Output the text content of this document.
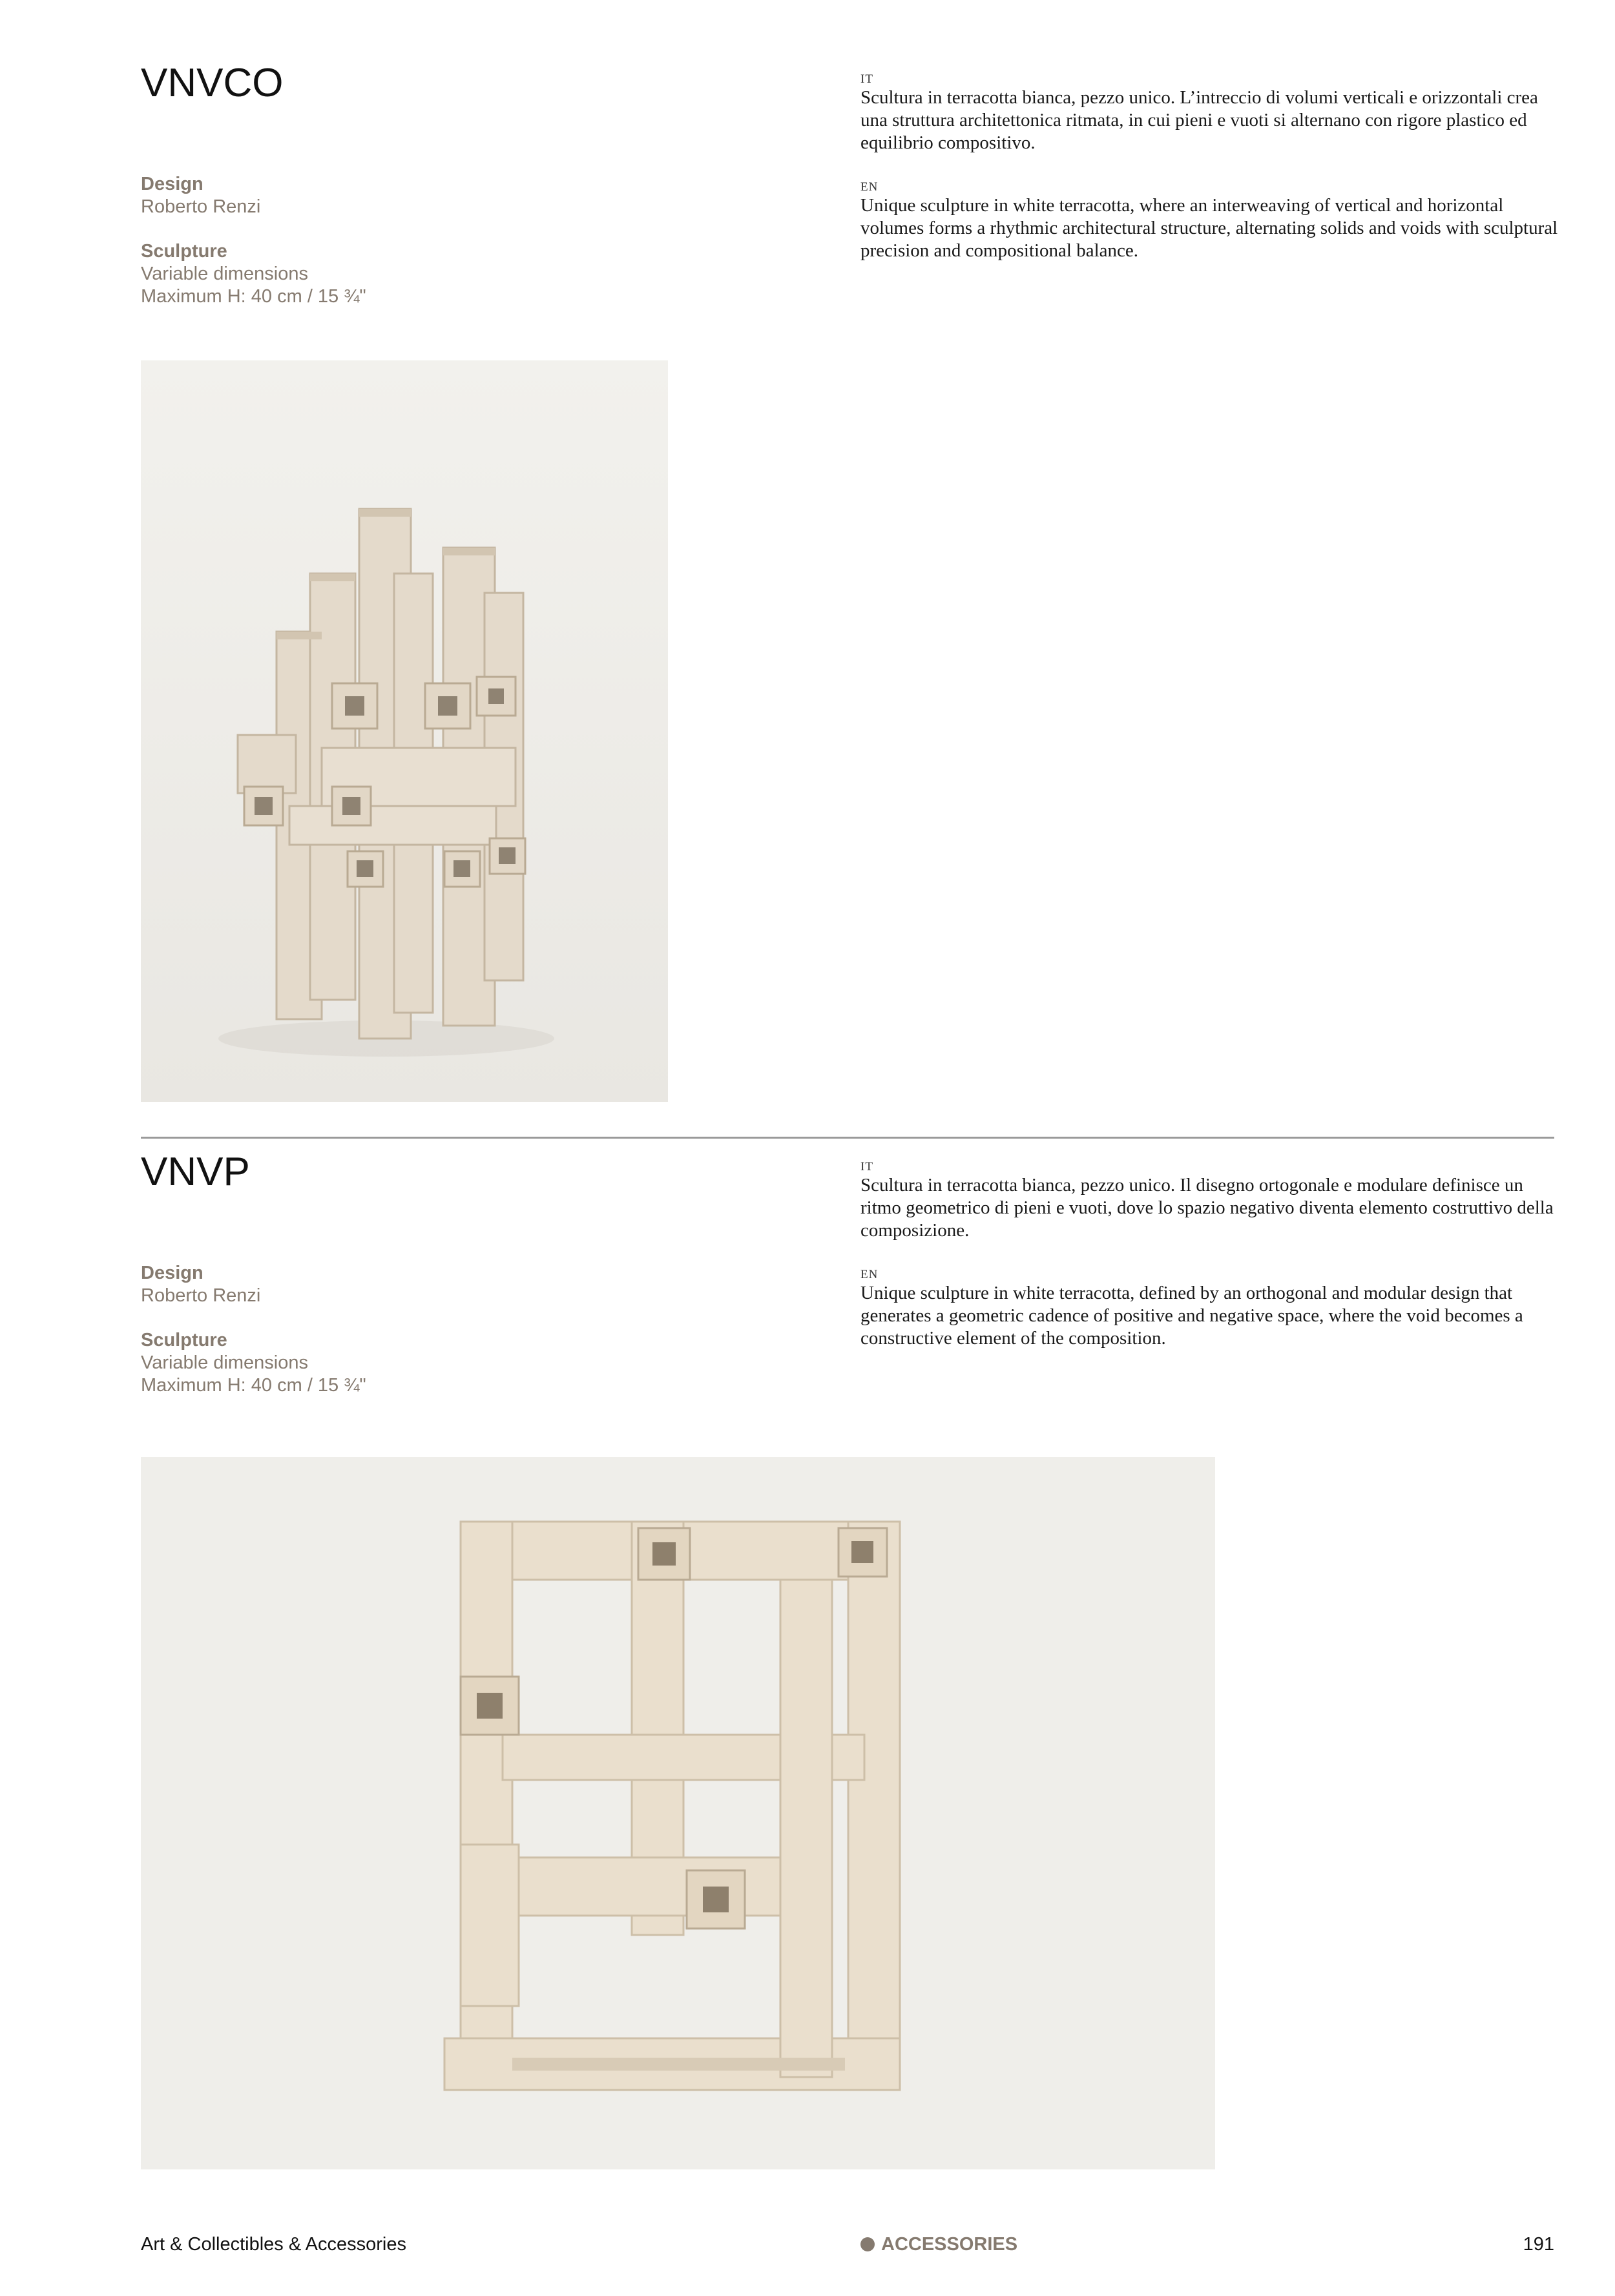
VNVCO
Design
Roberto Renzi
Sculpture
Variable dimensions
Maximum H: 40 cm / 15 ¾"
IT

Scultura in terracotta bianca, pezzo unico. L’intreccio di volumi verticali e orizzontali crea una struttura architettonica ritmata, in cui pieni e vuoti si alternano con rigore plastico ed equilibrio compositivo.

EN

Unique sculpture in white terracotta, where an interweaving of vertical and horizontal volumes forms a rhythmic architectural structure, alternating solids and voids with sculptural precision and compositional balance.

VNVP
Design
Roberto Renzi
Sculpture
Variable dimensions
Maximum H: 40 cm / 15 ¾"
IT

Scultura in terracotta bianca, pezzo unico. Il disegno ortogonale e modulare definisce un ritmo geometrico di pieni e vuoti, dove lo spazio negativo diventa elemento costruttivo della composizione.

EN

Unique sculpture in white terracotta, defined by an orthogonal and modular design that generates a geometric cadence of positive and negative space, where the void becomes a constructive element of the composition.

Art & Collectibles & Accessories	ACCESSORIES	191
